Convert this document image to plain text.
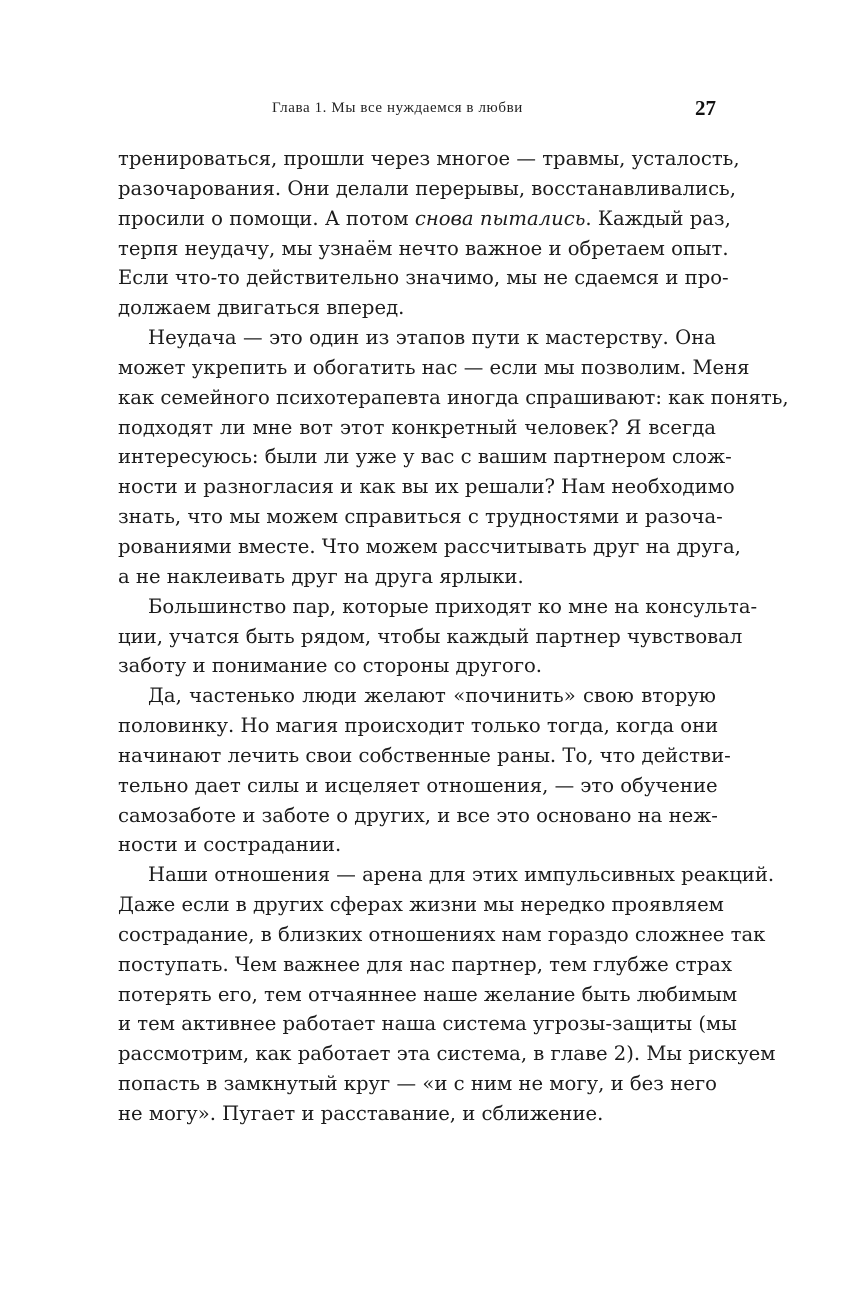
Глава 1. Мы все нуждаемся в любви	27
тренироваться, прошли через многое — травмы, усталость,
разочарования. Они делали перерывы, восстанавливались,
просили о помощи. А потом снова пытались. Каждый раз,
терпя неудачу, мы узнаём нечто важное и обретаем опыт.
Если что-то действительно значимо, мы не сдаемся и про-
должаем двигаться вперед.
Неудача — это один из этапов пути к мастерству. Она
может укрепить и обогатить нас — если мы позволим. Меня
как семейного психотерапевта иногда спрашивают: как понять,
подходят ли мне вот этот конкретный человек? Я всегда
интересуюсь: были ли уже у вас с вашим партнером слож-
ности и разногласия и как вы их решали? Нам необходимо
знать, что мы можем справиться с трудностями и разоча-
рованиями вместе. Что можем рассчитывать друг на друга,
а не наклеивать друг на друга ярлыки.
Большинство пар, которые приходят ко мне на консульта-
ции, учатся быть рядом, чтобы каждый партнер чувствовал
заботу и понимание со стороны другого.
Да, частенько люди желают «починить» свою вторую
половинку. Но магия происходит только тогда, когда они
начинают лечить свои собственные раны. То, что действи-
тельно дает силы и исцеляет отношения, — это обучение
самозаботе и заботе о других, и все это основано на неж-
ности и сострадании.
Наши отношения — арена для этих импульсивных реакций.
Даже если в других сферах жизни мы нередко проявляем
сострадание, в близких отношениях нам гораздо сложнее так
поступать. Чем важнее для нас партнер, тем глубже страх
потерять его, тем отчаяннее наше желание быть любимым
и тем активнее работает наша система угрозы-защиты (мы
рассмотрим, как работает эта система, в главе 2). Мы рискуем
попасть в замкнутый круг — «и с ним не могу, и без него
не могу». Пугает и расставание, и сближение.
